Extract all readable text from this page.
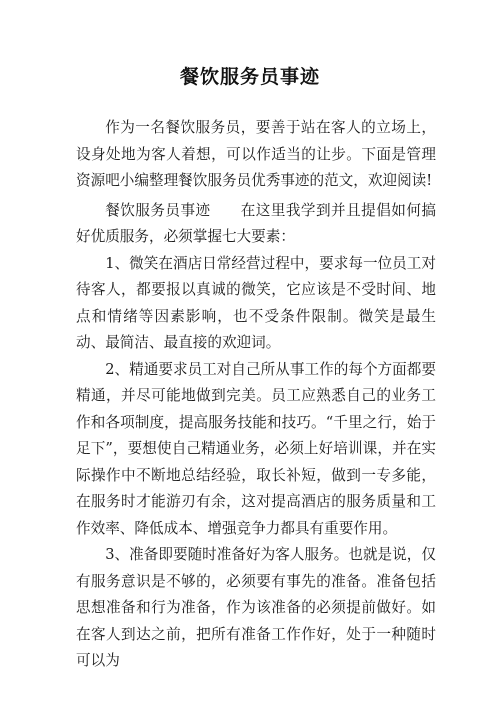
餐饮服务员事迹

作为一名餐饮服务员，要善于站在客人的立场上，设身处地为客人着想，可以作适当的让步。下面是管理资源吧小编整理餐饮服务员优秀事迹的范文，欢迎阅读!

餐饮服务员事迹　　在这里我学到并且提倡如何搞好优质服务，必须掌握七大要素：

1、微笑在酒店日常经营过程中，要求每一位员工对待客人，都要报以真诚的微笑，它应该是不受时间、地点和情绪等因素影响，也不受条件限制。微笑是最生动、最简洁、最直接的欢迎词。

2、精通要求员工对自己所从事工作的每个方面都要精通，并尽可能地做到完美。员工应熟悉自己的业务工作和各项制度，提高服务技能和技巧。“千里之行，始于足下”，要想使自己精通业务，必须上好培训课，并在实际操作中不断地总结经验，取长补短，做到一专多能，在服务时才能游刃有余，这对提高酒店的服务质量和工作效率、降低成本、增强竞争力都具有重要作用。

3、准备即要随时准备好为客人服务。也就是说，仅有服务意识是不够的，必须要有事先的准备。准备包括思想准备和行为准备，作为该准备的必须提前做好。如在客人到达之前，把所有准备工作作好，处于一种随时可以为
